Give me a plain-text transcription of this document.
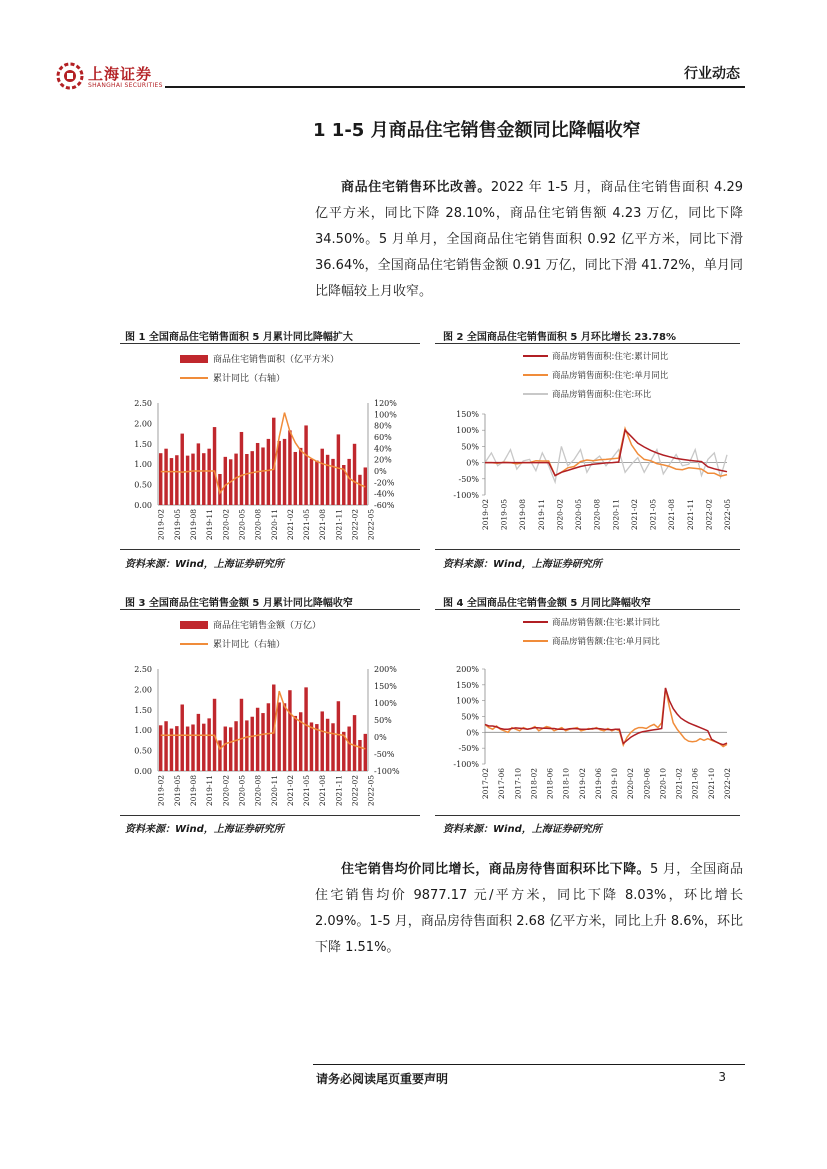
上海证券
SHANGHAI SECURITIES
行业动态
1 1-5 月商品住宅销售金额同比降幅收窄
商品住宅销售环比改善。2022 年 1-5 月，商品住宅销售面积 4.29 亿平方米，同比下降 28.10%，商品住宅销售额 4.23 万亿，同比下降 34.50%。5 月单月，全国商品住宅销售面积 0.92 亿平方米，同比下滑 36.64%，全国商品住宅销售金额 0.91 万亿，同比下滑 41.72%，单月同比降幅较上月收窄。
图 1 全国商品住宅销售面积 5 月累计同比降幅扩大
商品住宅销售面积（亿平方米）
累计同比（右轴）
2.50
2.00
1.50
1.00
0.50
0.00
120%
100%
80%
60%
40%
20%
0%
-20%
-40%
-60%
2019-02 2019-05 2019-08 2019-11 2020-02 2020-05 2020-08 2020-11 2021-02 2021-05 2021-08 2021-11 2022-02 2022-05
资料来源：Wind，上海证券研究所
图 2 全国商品住宅销售面积 5 月环比增长 23.78%
商品房销售面积:住宅:累计同比
商品房销售面积:住宅:单月同比
商品房销售面积:住宅:环比
150%
100%
50%
0%
-50%
-100%
2019-02 2019-05 2019-08 2019-11 2020-02 2020-05 2020-08 2020-11 2021-02 2021-05 2021-08 2021-11 2022-02 2022-05
资料来源：Wind，上海证券研究所
图 3 全国商品住宅销售金额 5 月累计同比降幅收窄
商品住宅销售金额（万亿）
累计同比（右轴）
2.50
2.00
1.50
1.00
0.50
0.00
200%
150%
100%
50%
0%
-50%
-100%
2019-02 2019-05 2019-08 2019-11 2020-02 2020-05 2020-08 2020-11 2021-02 2021-05 2021-08 2021-11 2022-02 2022-05
资料来源：Wind，上海证券研究所
图 4 全国商品住宅销售金额 5 月同比降幅收窄
商品房销售额:住宅:累计同比
商品房销售额:住宅:单月同比
200%
150%
100%
50%
0%
-50%
-100%
2017-02 2017-06 2017-10 2018-02 2018-06 2018-10 2019-02 2019-06 2019-10 2020-02 2020-06 2020-10 2021-02 2021-06 2021-10 2022-02
资料来源：Wind，上海证券研究所
住宅销售均价同比增长，商品房待售面积环比下降。5 月，全国商品住宅销售均价 9877.17 元/平方米，同比下降 8.03%，环比增长 2.09%。1-5 月，商品房待售面积 2.68 亿平方米，同比上升 8.6%，环比下降 1.51%。
请务必阅读尾页重要声明	3
